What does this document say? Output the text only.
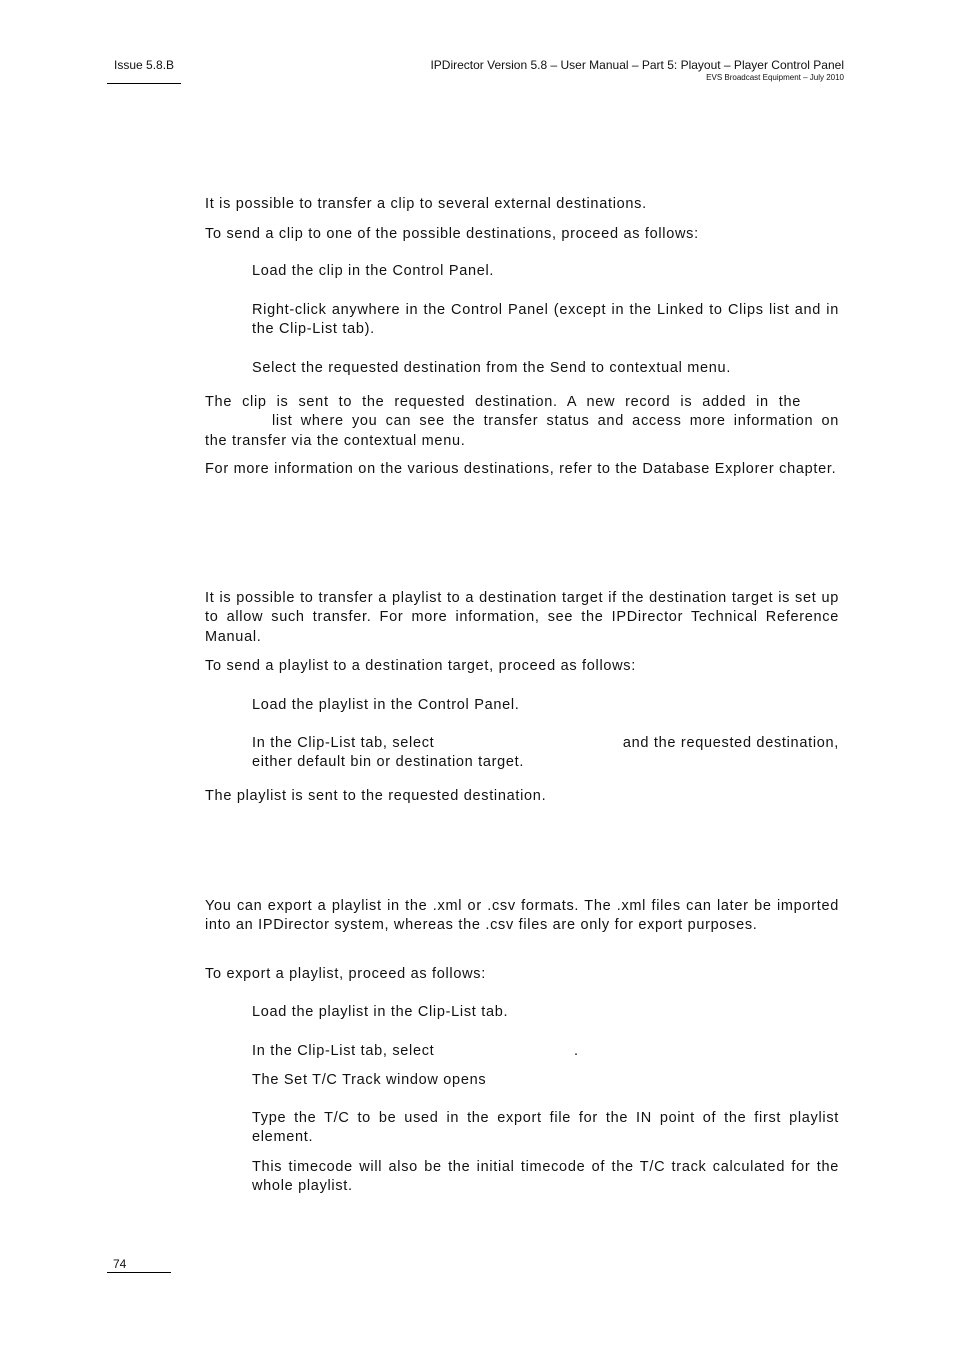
Issue 5.8.B	IPDirector Version 5.8 – User Manual – Part 5: Playout – Player Control Panel
EVS Broadcast Equipment – July 2010

It is possible to transfer a clip to several external destinations.

To send a clip to one of the possible destinations, proceed as follows:

Load the clip in the Control Panel.

Right-click anywhere in the Control Panel (except in the Linked to Clips list and in the Clip-List tab).

Select the requested destination from the Send to contextual menu.

The clip is sent to the requested destination. A new record is added in the
list where you can see the transfer status and access more information on
the transfer via the contextual menu.

For more information on the various destinations, refer to the Database Explorer chapter.

It is possible to transfer a playlist to a destination target if the destination target is set up to allow such transfer. For more information, see the IPDirector Technical Reference Manual.

To send a playlist to a destination target, proceed as follows:

Load the playlist in the Control Panel.

In the Clip-List tab, select	and the requested destination,
either default bin or destination target.

The playlist is sent to the requested destination.

You can export a playlist in the .xml or .csv formats. The .xml files can later be imported into an IPDirector system, whereas the .csv files are only for export purposes.

To export a playlist, proceed as follows:

Load the playlist in the Clip-List tab.

In the Clip-List tab, select	.

The Set T/C Track window opens

Type the T/C to be used in the export file for the IN point of the first playlist element.

This timecode will also be the initial timecode of the T/C track calculated for the whole playlist.

74
